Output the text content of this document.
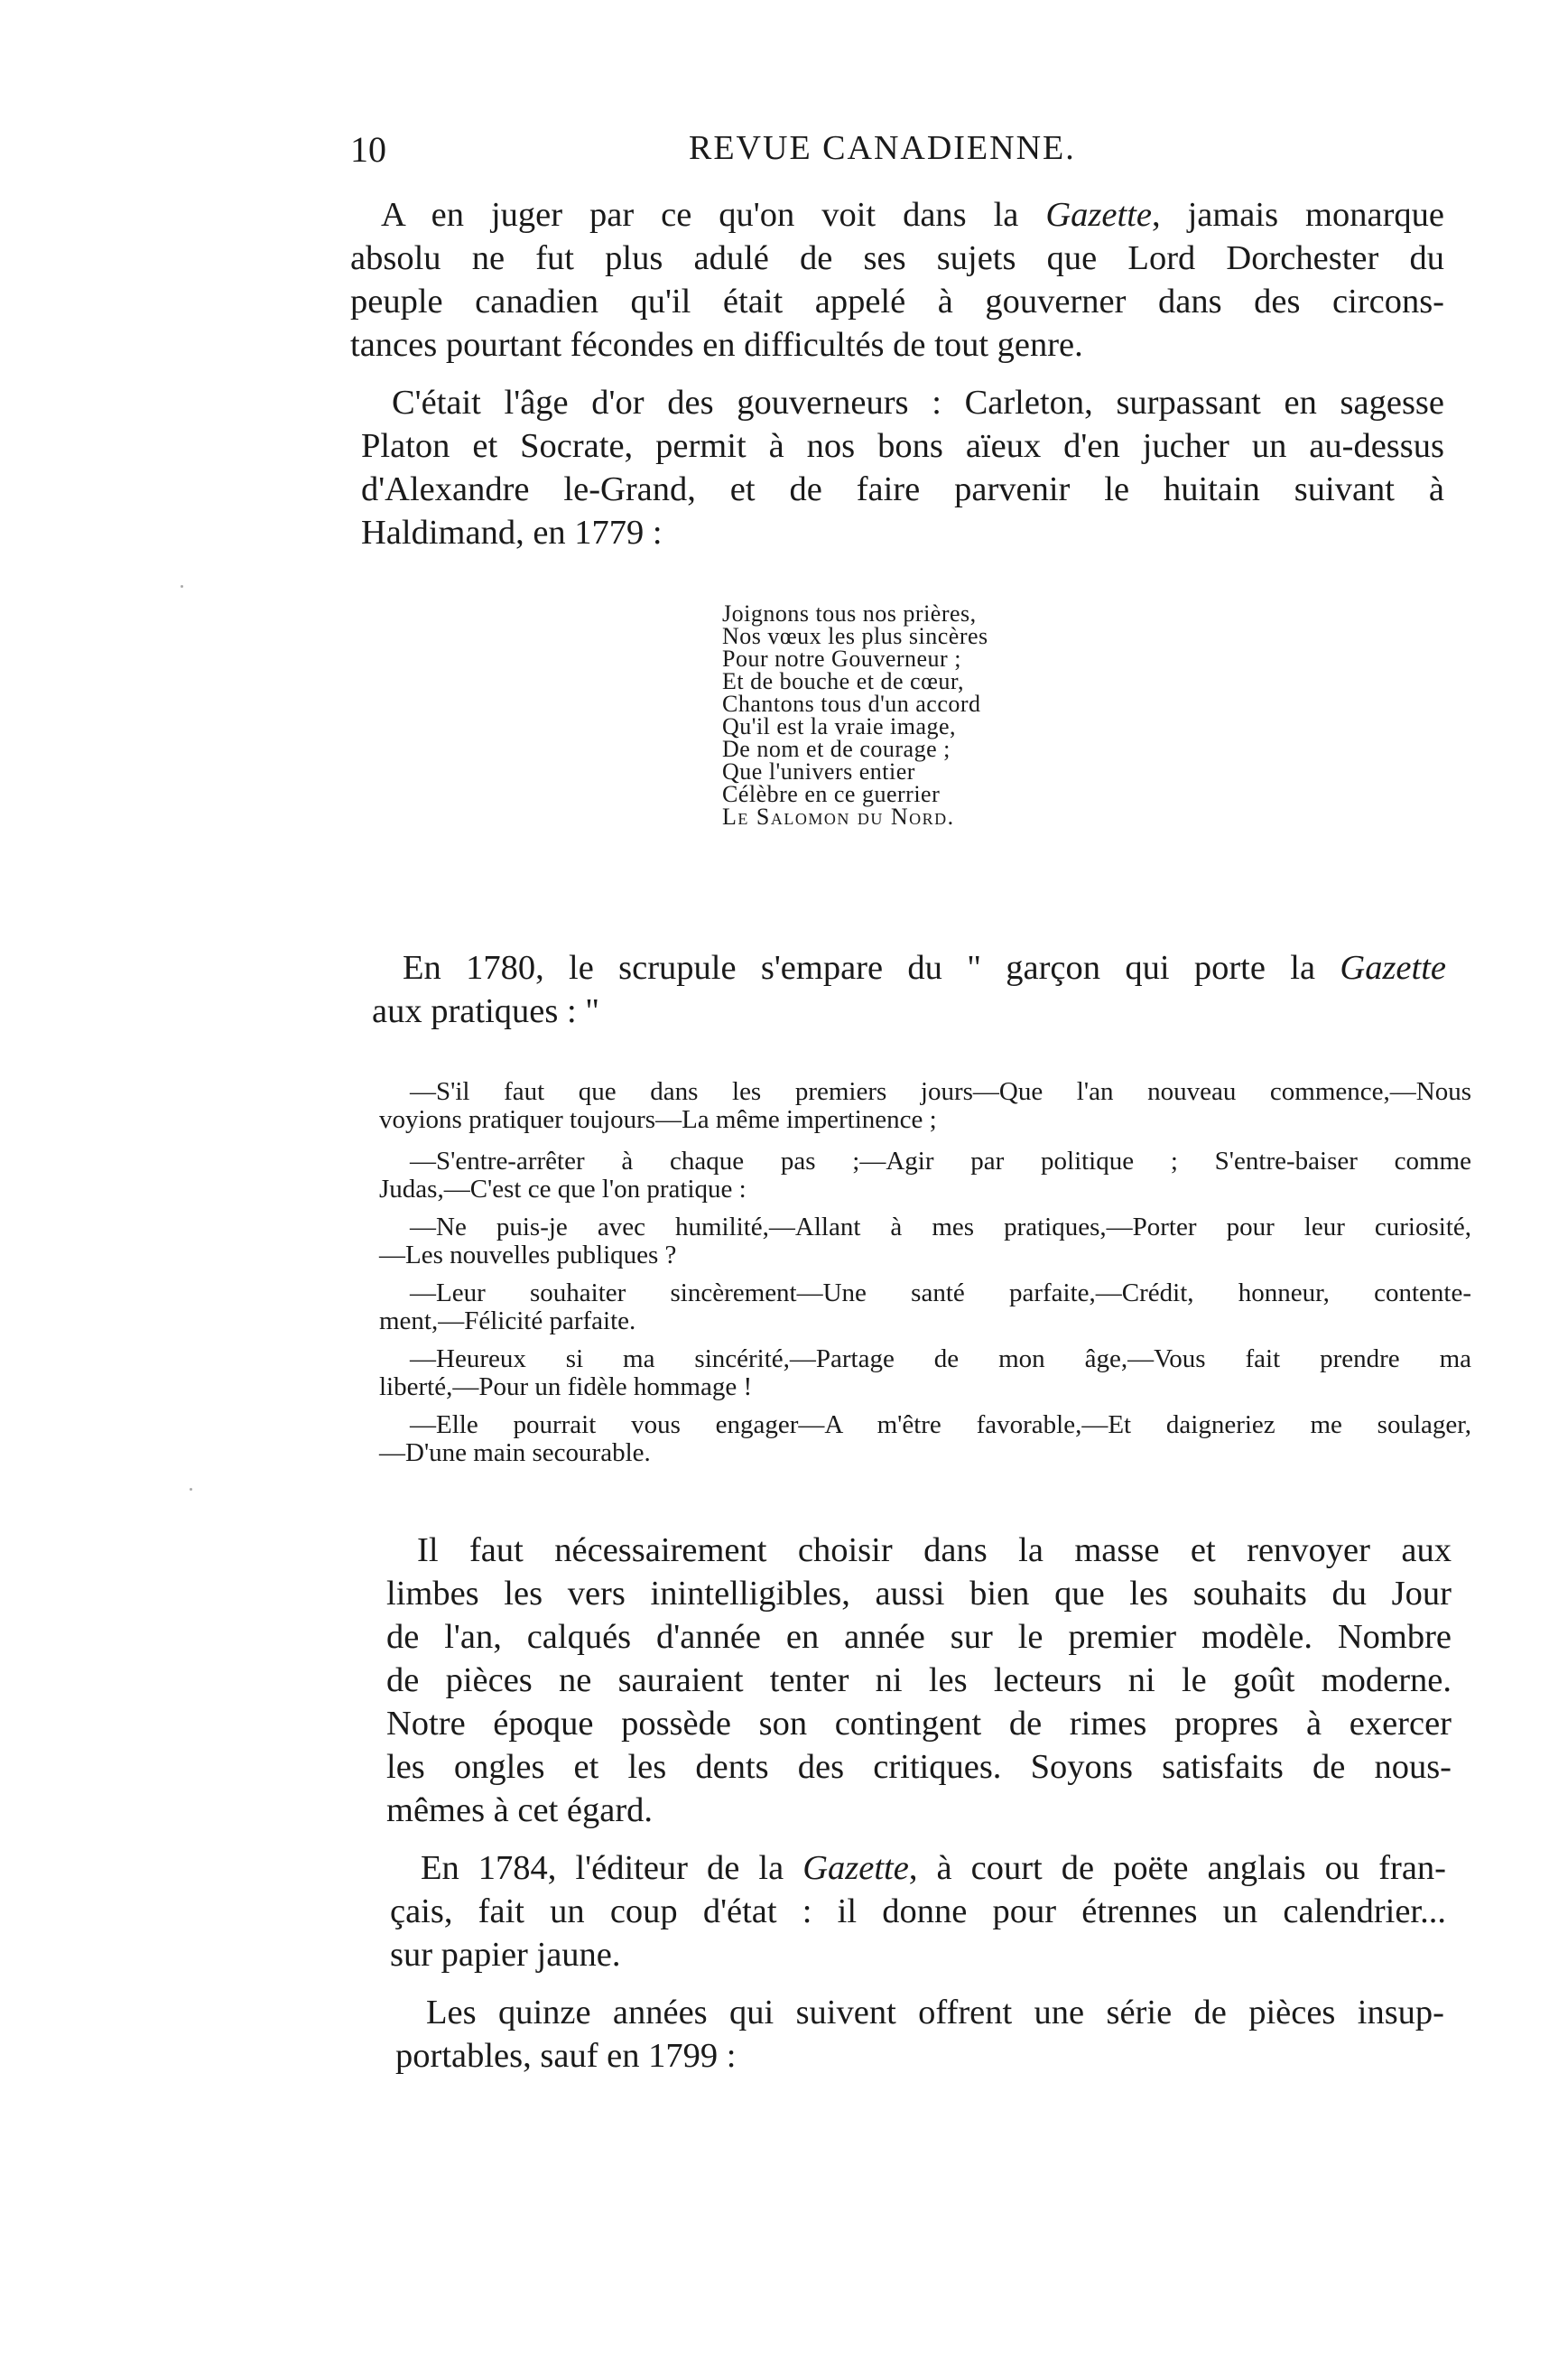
10	REVUE CANADIENNE.
A en juger par ce qu'on voit dans la Gazette, jamais monarque
absolu ne fut plus adulé de ses sujets que Lord Dorchester du
peuple canadien qu'il était appelé à gouverner dans des circons-
tances pourtant fécondes en difficultés de tout genre.
C'était l'âge d'or des gouverneurs : Carleton, surpassant en sagesse
Platon et Socrate, permit à nos bons aïeux d'en jucher un au-dessus
d'Alexandre le-Grand, et de faire parvenir le huitain suivant à
Haldimand, en 1779 :
Joignons tous nos prières,
Nos vœux les plus sincères
Pour notre Gouverneur ;
Et de bouche et de cœur,
Chantons tous d'un accord
Qu'il est la vraie image,
De nom et de courage ;
Que l'univers entier
Célèbre en ce guerrier
Le Salomon du Nord.
En 1780, le scrupule s'empare du " garçon qui porte la Gazette
aux pratiques : "
—S'il faut que dans les premiers jours—Que l'an nouveau commence,—Nous
voyions pratiquer toujours—La même impertinence ;
—S'entre-arrêter à chaque pas ;—Agir par politique ; S'entre-baiser comme
Judas,—C'est ce que l'on pratique :
—Ne puis-je avec humilité,—Allant à mes pratiques,—Porter pour leur curiosité,
—Les nouvelles publiques ?
—Leur souhaiter sincèrement—Une santé parfaite,—Crédit, honneur, contente-
ment,—Félicité parfaite.
—Heureux si ma sincérité,—Partage de mon âge,—Vous fait prendre ma
liberté,—Pour un fidèle hommage !
—Elle pourrait vous engager—A m'être favorable,—Et daigneriez me soulager,
—D'une main secourable.
Il faut nécessairement choisir dans la masse et renvoyer aux
limbes les vers inintelligibles, aussi bien que les souhaits du Jour
de l'an, calqués d'année en année sur le premier modèle. Nombre
de pièces ne sauraient tenter ni les lecteurs ni le goût moderne.
Notre époque possède son contingent de rimes propres à exercer
les ongles et les dents des critiques. Soyons satisfaits de nous-
mêmes à cet égard.
En 1784, l'éditeur de la Gazette, à court de poëte anglais ou fran-
çais, fait un coup d'état : il donne pour étrennes un calendrier...
sur papier jaune.
Les quinze années qui suivent offrent une série de pièces insup-
portables, sauf en 1799 :
